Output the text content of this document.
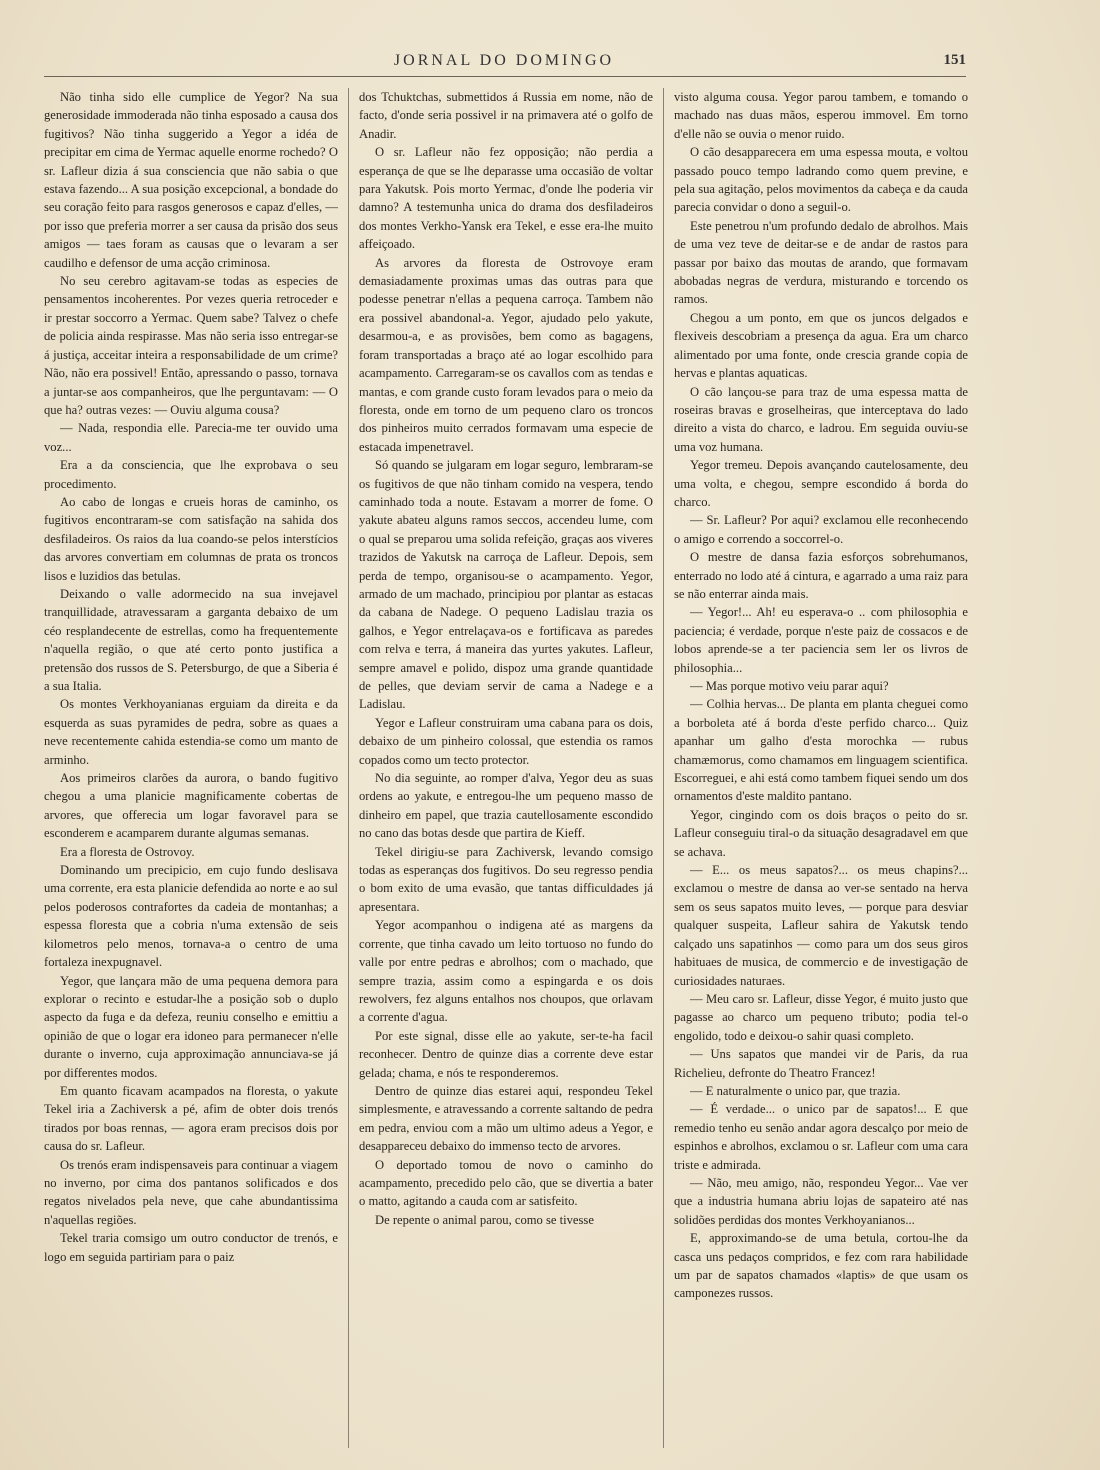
JORNAL DO DOMINGO	151

Não tinha sido elle cumplice de Yegor? Na sua generosidade immoderada não tinha esposado a causa dos fugitivos? Não tinha suggerido a Yegor a idéa de precipitar em cima de Yermac aquelle enorme rochedo? O sr. Lafleur dizia á sua consciencia que não sabia o que estava fazendo... A sua posição excepcional, a bondade do seu coração feito para rasgos generosos e capaz d'elles, — por isso que preferia morrer a ser causa da prisão dos seus amigos — taes foram as causas que o levaram a ser caudilho e defensor de uma acção criminosa.

No seu cerebro agitavam-se todas as especies de pensamentos incoherentes. Por vezes queria retroceder e ir prestar soccorro a Yermac. Quem sabe? Talvez o chefe de policia ainda respirasse. Mas não seria isso entregar-se á justiça, acceitar inteira a responsabilidade de um crime? Não, não era possivel! Então, apressando o passo, tornava a juntar-se aos companheiros, que lhe perguntavam: — O que ha? outras vezes: — Ouviu alguma cousa?

— Nada, respondia elle. Parecia-me ter ouvido uma voz...

Era a da consciencia, que lhe exprobava o seu procedimento.

Ao cabo de longas e crueis horas de caminho, os fugitivos encontraram-se com satisfação na sahida dos desfiladeiros. Os raios da lua coando-se pelos interstícios das arvores convertiam em columnas de prata os troncos lisos e luzidios das betulas.

Deixando o valle adormecido na sua invejavel tranquillidade, atravessaram a garganta debaixo de um céo resplandecente de estrellas, como ha frequentemente n'aquella região, o que até certo ponto justifica a pretensão dos russos de S. Petersburgo, de que a Siberia é a sua Italia.

Os montes Verkhoyanianas erguiam da direita e da esquerda as suas pyramides de pedra, sobre as quaes a neve recentemente cahida estendia-se como um manto de arminho.

Aos primeiros clarões da aurora, o bando fugitivo chegou a uma planicie magnificamente cobertas de arvores, que offerecia um logar favoravel para se esconderem e acamparem durante algumas semanas.

Era a floresta de Ostrovoy.

Dominando um precipicio, em cujo fundo deslisava uma corrente, era esta planicie defendida ao norte e ao sul pelos poderosos contrafortes da cadeia de montanhas; a espessa floresta que a cobria n'uma extensão de seis kilometros pelo menos, tornava-a o centro de uma fortaleza inexpugnavel.

Yegor, que lançara mão de uma pequena demora para explorar o recinto e estudar-lhe a posição sob o duplo aspecto da fuga e da defeza, reuniu conselho e emittiu a opinião de que o logar era idoneo para permanecer n'elle durante o inverno, cuja approximação annunciava-se já por differentes modos.

Em quanto ficavam acampados na floresta, o yakute Tekel iria a Zachiversk a pé, afim de obter dois trenós tirados por boas rennas, — agora eram precisos dois por causa do sr. Lafleur.

Os trenós eram indispensaveis para continuar a viagem no inverno, por cima dos pantanos solificados e dos regatos nivelados pela neve, que cahe abundantissima n'aquellas regiões.

Tekel traria comsigo um outro conductor de trenós, e logo em seguida partiriam para o paiz

dos Tchuktchas, submettidos á Russia em nome, não de facto, d'onde seria possivel ir na primavera até o golfo de Anadir.

O sr. Lafleur não fez opposição; não perdia a esperança de que se lhe deparasse uma occasião de voltar para Yakutsk. Pois morto Yermac, d'onde lhe poderia vir damno? A testemunha unica do drama dos desfiladeiros dos montes Verkho-Yansk era Tekel, e esse era-lhe muito affeiçoado.

As arvores da floresta de Ostrovoye eram demasiadamente proximas umas das outras para que podesse penetrar n'ellas a pequena carroça. Tambem não era possivel abandonal-a. Yegor, ajudado pelo yakute, desarmou-a, e as provisões, bem como as bagagens, foram transportadas a braço até ao logar escolhido para acampamento. Carregaram-se os cavallos com as tendas e mantas, e com grande custo foram levados para o meio da floresta, onde em torno de um pequeno claro os troncos dos pinheiros muito cerrados formavam uma especie de estacada impenetravel.

Só quando se julgaram em logar seguro, lembraram-se os fugitivos de que não tinham comido na vespera, tendo caminhado toda a noute. Estavam a morrer de fome. O yakute abateu alguns ramos seccos, accendeu lume, com o qual se preparou uma solida refeição, graças aos viveres trazidos de Yakutsk na carroça de Lafleur. Depois, sem perda de tempo, organisou-se o acampamento. Yegor, armado de um machado, principiou por plantar as estacas da cabana de Nadege. O pequeno Ladislau trazia os galhos, e Yegor entrelaçava-os e fortificava as paredes com relva e terra, á maneira das yurtes yakutes. Lafleur, sempre amavel e polido, dispoz uma grande quantidade de pelles, que deviam servir de cama a Nadege e a Ladislau.

Yegor e Lafleur construiram uma cabana para os dois, debaixo de um pinheiro colossal, que estendia os ramos copados como um tecto protector.

No dia seguinte, ao romper d'alva, Yegor deu as suas ordens ao yakute, e entregou-lhe um pequeno masso de dinheiro em papel, que trazia cautellosamente escondido no cano das botas desde que partira de Kieff.

Tekel dirigiu-se para Zachiversk, levando comsigo todas as esperanças dos fugitivos. Do seu regresso pendia o bom exito de uma evasão, que tantas difficuldades já apresentara.

Yegor acompanhou o indigena até as margens da corrente, que tinha cavado um leito tortuoso no fundo do valle por entre pedras e abrolhos; com o machado, que sempre trazia, assim como a espingarda e os dois rewolvers, fez alguns entalhos nos choupos, que orlavam a corrente d'agua.

Por este signal, disse elle ao yakute, ser-te-ha facil reconhecer. Dentro de quinze dias a corrente deve estar gelada; chama, e nós te responderemos.

Dentro de quinze dias estarei aqui, respondeu Tekel simplesmente, e atravessando a corrente saltando de pedra em pedra, enviou com a mão um ultimo adeus a Yegor, e desappareceu debaixo do immenso tecto de arvores.

O deportado tomou de novo o caminho do acampamento, precedido pelo cão, que se divertia a bater o matto, agitando a cauda com ar satisfeito.

De repente o animal parou, como se tivesse

visto alguma cousa. Yegor parou tambem, e tomando o machado nas duas mãos, esperou immovel. Em torno d'elle não se ouvia o menor ruido.

O cão desapparecera em uma espessa mouta, e voltou passado pouco tempo ladrando como quem previne, e pela sua agitação, pelos movimentos da cabeça e da cauda parecia convidar o dono a seguil-o.

Este penetrou n'um profundo dedalo de abrolhos. Mais de uma vez teve de deitar-se e de andar de rastos para passar por baixo das moutas de arando, que formavam abobadas negras de verdura, misturando e torcendo os ramos.

Chegou a um ponto, em que os juncos delgados e flexiveis descobriam a presença da agua. Era um charco alimentado por uma fonte, onde crescia grande copia de hervas e plantas aquaticas.

O cão lançou-se para traz de uma espessa matta de roseiras bravas e groselheiras, que interceptava do lado direito a vista do charco, e ladrou. Em seguida ouviu-se uma voz humana.

Yegor tremeu. Depois avançando cautelosamente, deu uma volta, e chegou, sempre escondido á borda do charco.

— Sr. Lafleur? Por aqui? exclamou elle reconhecendo o amigo e correndo a soccorrel-o.

O mestre de dansa fazia esforços sobrehumanos, enterrado no lodo até á cintura, e agarrado a uma raiz para se não enterrar ainda mais.

— Yegor!... Ah! eu esperava-o .. com philosophia e paciencia; é verdade, porque n'este paiz de cossacos e de lobos aprende-se a ter paciencia sem ler os livros de philosophia...

— Mas porque motivo veiu parar aqui?

— Colhia hervas... De planta em planta cheguei como a borboleta até á borda d'este perfido charco... Quiz apanhar um galho d'esta morochka — rubus chamæmorus, como chamamos em linguagem scientifica. Escorreguei, e ahi está como tambem fiquei sendo um dos ornamentos d'este maldito pantano.

Yegor, cingindo com os dois braços o peito do sr. Lafleur conseguiu tiral-o da situação desagradavel em que se achava.

— E... os meus sapatos?... os meus chapins?... exclamou o mestre de dansa ao ver-se sentado na herva sem os seus sapatos muito leves, — porque para desviar qualquer suspeita, Lafleur sahira de Yakutsk tendo calçado uns sapatinhos — como para um dos seus giros habituaes de musica, de commercio e de investigação de curiosidades naturaes.

— Meu caro sr. Lafleur, disse Yegor, é muito justo que pagasse ao charco um pequeno tributo; podia tel-o engolido, todo e deixou-o sahir quasi completo.

— Uns sapatos que mandei vir de Paris, da rua Richelieu, defronte do Theatro Francez!

— E naturalmente o unico par, que trazia.

— É verdade... o unico par de sapatos!... E que remedio tenho eu senão andar agora descalço por meio de espinhos e abrolhos, exclamou o sr. Lafleur com uma cara triste e admirada.

— Não, meu amigo, não, respondeu Yegor... Vae ver que a industria humana abriu lojas de sapateiro até nas solidões perdidas dos montes Verkhoyanianos...

E, approximando-se de uma betula, cortou-lhe da casca uns pedaços compridos, e fez com rara habilidade um par de sapatos chamados «laptis» de que usam os camponezes russos.
